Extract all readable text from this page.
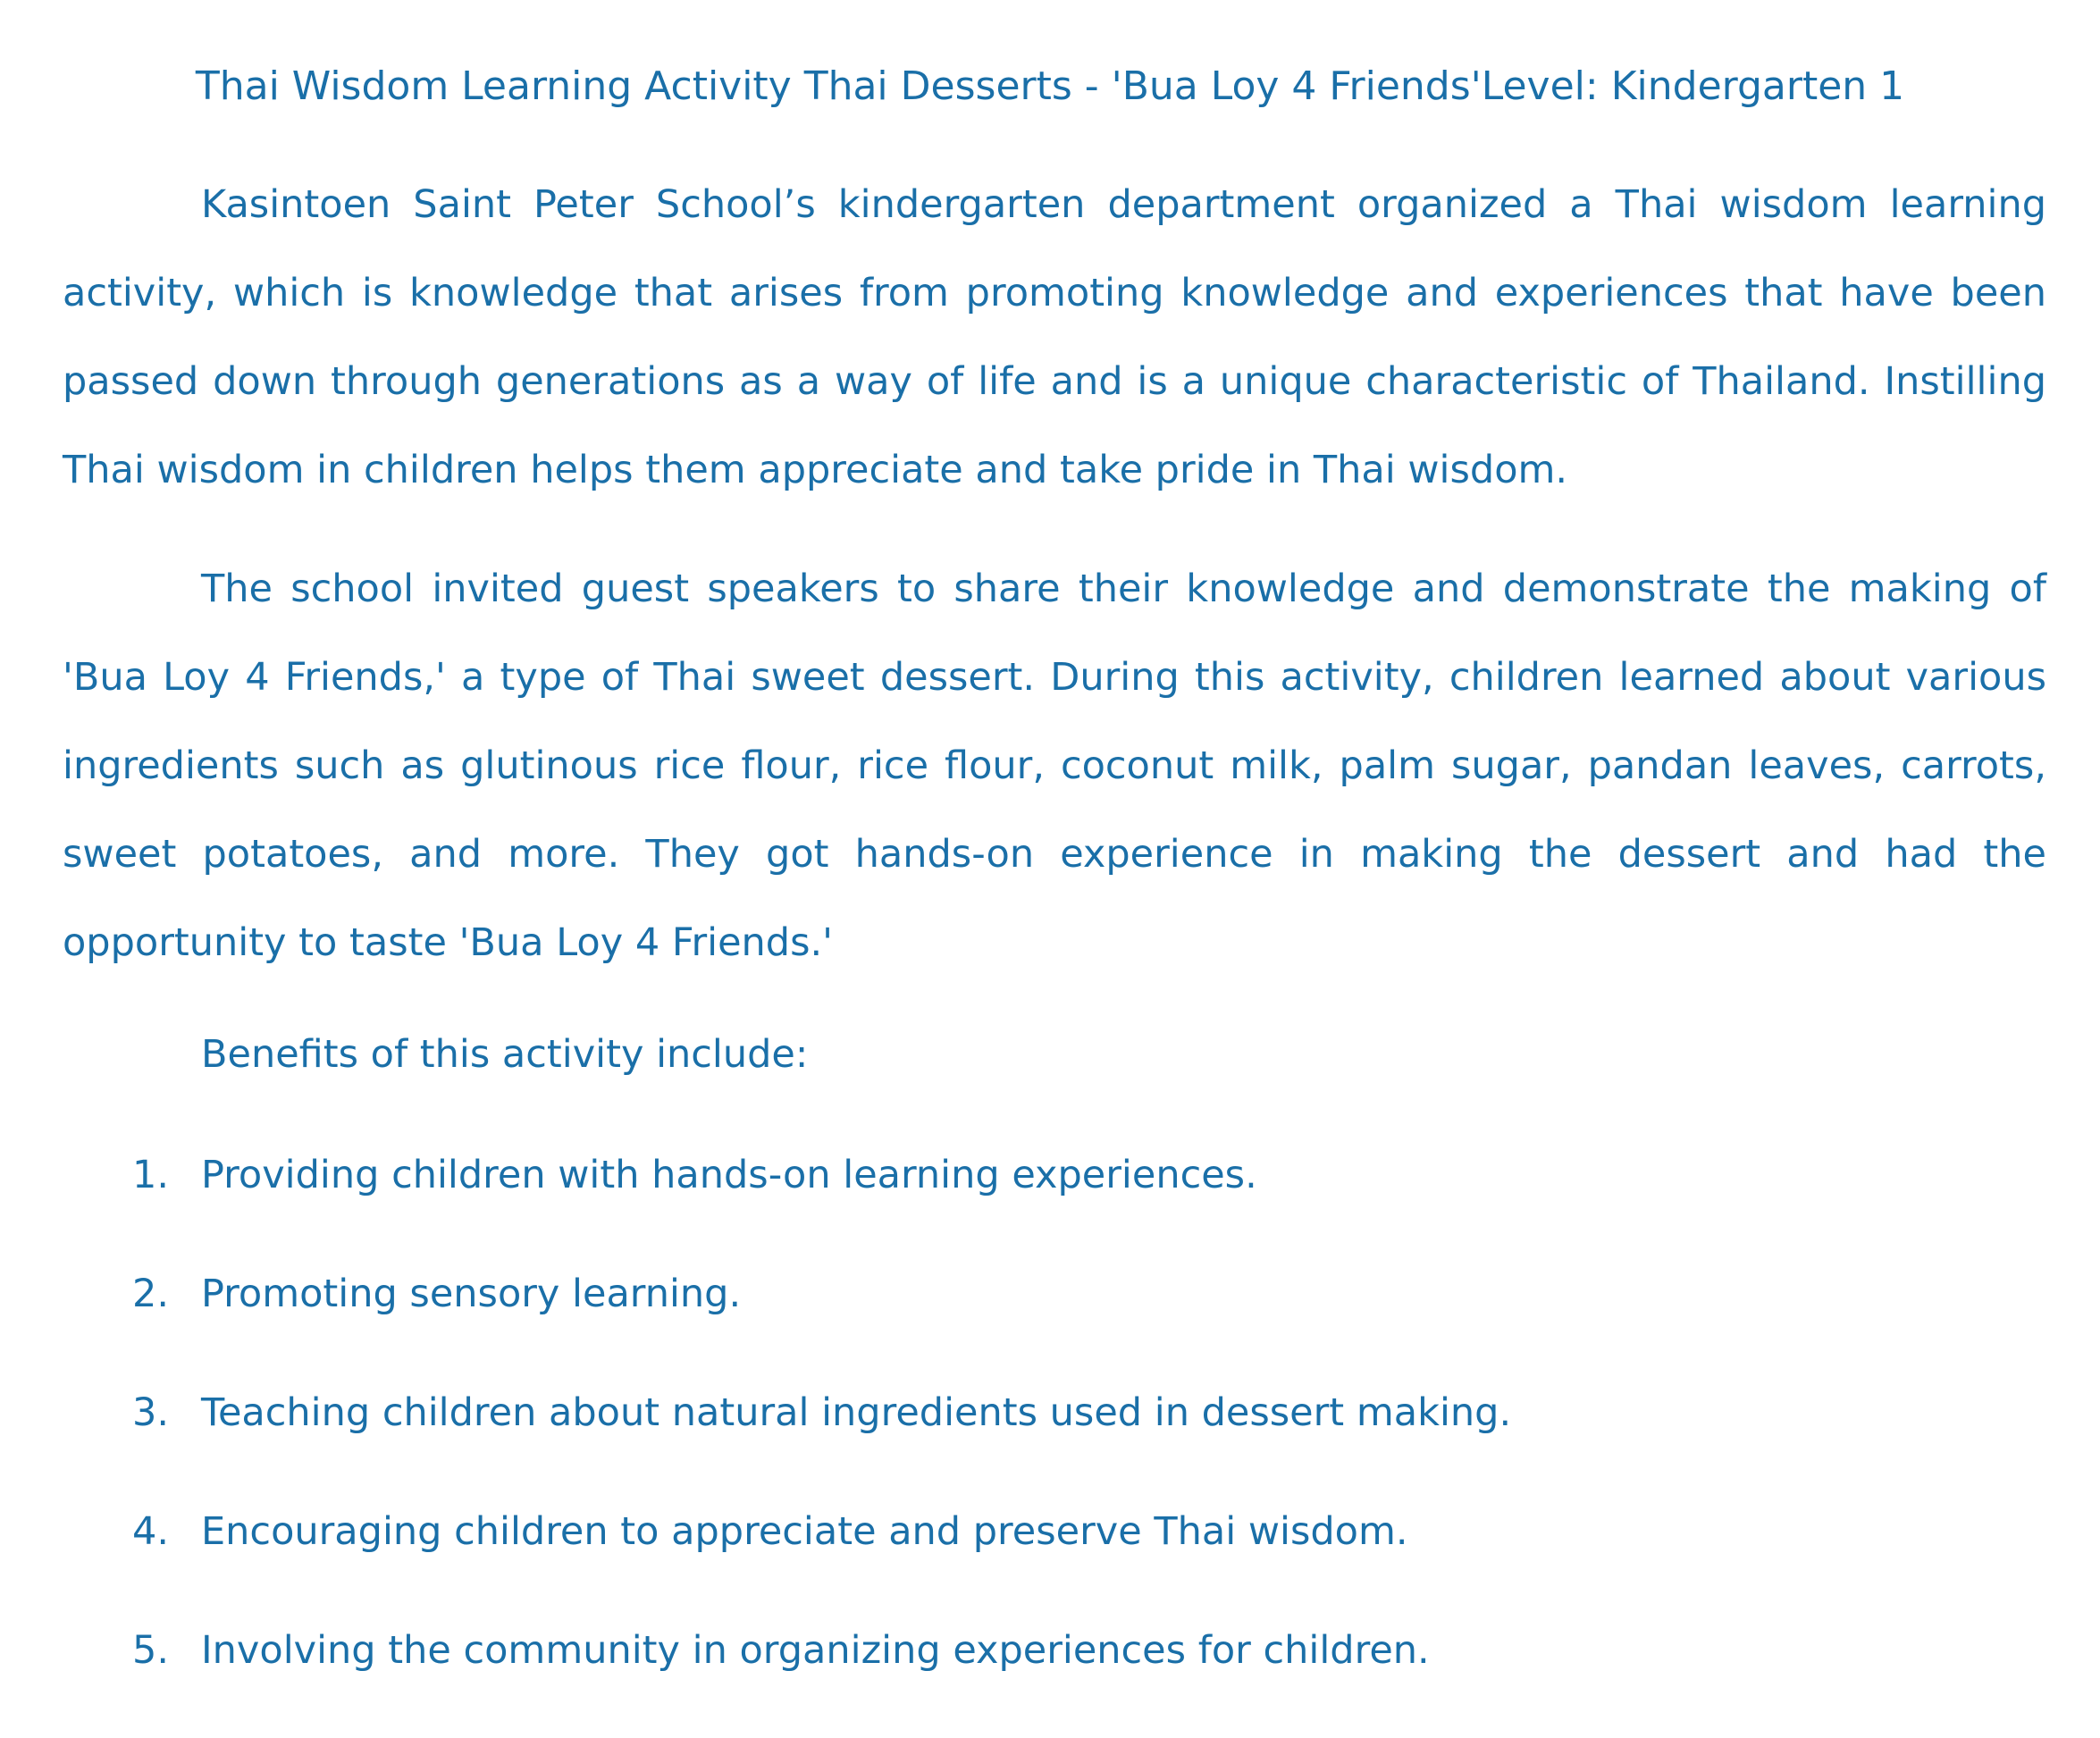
Thai Wisdom Learning Activity Thai Desserts - 'Bua Loy 4 Friends'Level: Kindergarten 1

Kasintoen Saint Peter School’s kindergarten department organized a Thai wisdom learning activity, which is knowledge that arises from promoting knowledge and experiences that have been passed down through generations as a way of life and is a unique characteristic of Thailand. Instilling Thai wisdom in children helps them appreciate and take pride in Thai wisdom.

The school invited guest speakers to share their knowledge and demonstrate the making of 'Bua Loy 4 Friends,' a type of Thai sweet dessert. During this activity, children learned about various ingredients such as glutinous rice flour, rice flour, coconut milk, palm sugar, pandan leaves, carrots, sweet potatoes, and more. They got hands-on experience in making the dessert and had the opportunity to taste 'Bua Loy 4 Friends.'

Benefits of this activity include:
1. Providing children with hands-on learning experiences.
2. Promoting sensory learning.
3. Teaching children about natural ingredients used in dessert making.
4. Encouraging children to appreciate and preserve Thai wisdom.
5. Involving the community in organizing experiences for children.
